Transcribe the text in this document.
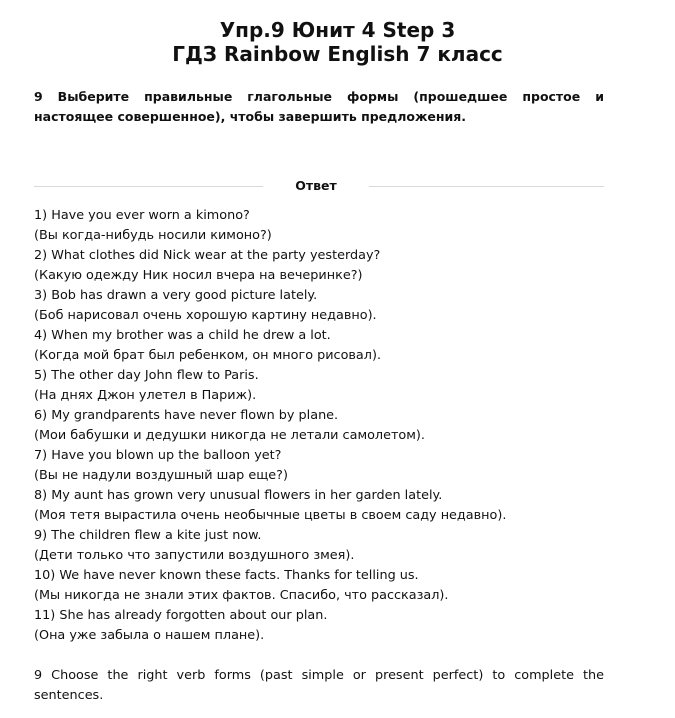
Упр.9 Юнит 4 Step 3
ГДЗ Rainbow English 7 класс
9 Выберите правильные глагольные формы (прошедшее простое и настоящее совершенное), чтобы завершить предложения.
Ответ
1) Have you ever worn a kimono?
(Вы когда-нибудь носили кимоно?)
2) What clothes did Nick wear at the party yesterday?
(Какую одежду Ник носил вчера на вечеринке?)
3) Bob has drawn a very good picture lately.
(Боб нарисовал очень хорошую картину недавно).
4) When my brother was a child he drew a lot.
(Когда мой брат был ребенком, он много рисовал).
5) The other day John flew to Paris.
(На днях Джон улетел в Париж).
6) My grandparents have never flown by plane.
(Мои бабушки и дедушки никогда не летали самолетом).
7) Have you blown up the balloon yet?
(Вы не надули воздушный шар еще?)
8) My aunt has grown very unusual flowers in her garden lately.
(Моя тетя вырастила очень необычные цветы в своем саду недавно).
9) The children flew a kite just now.
(Дети только что запустили воздушного змея).
10) We have never known these facts. Thanks for telling us.
(Мы никогда не знали этих фактов. Спасибо, что рассказал).
11) She has already forgotten about our plan.
(Она уже забыла о нашем плане).
9 Choose the right verb forms (past simple or present perfect) to complete the sentences.
